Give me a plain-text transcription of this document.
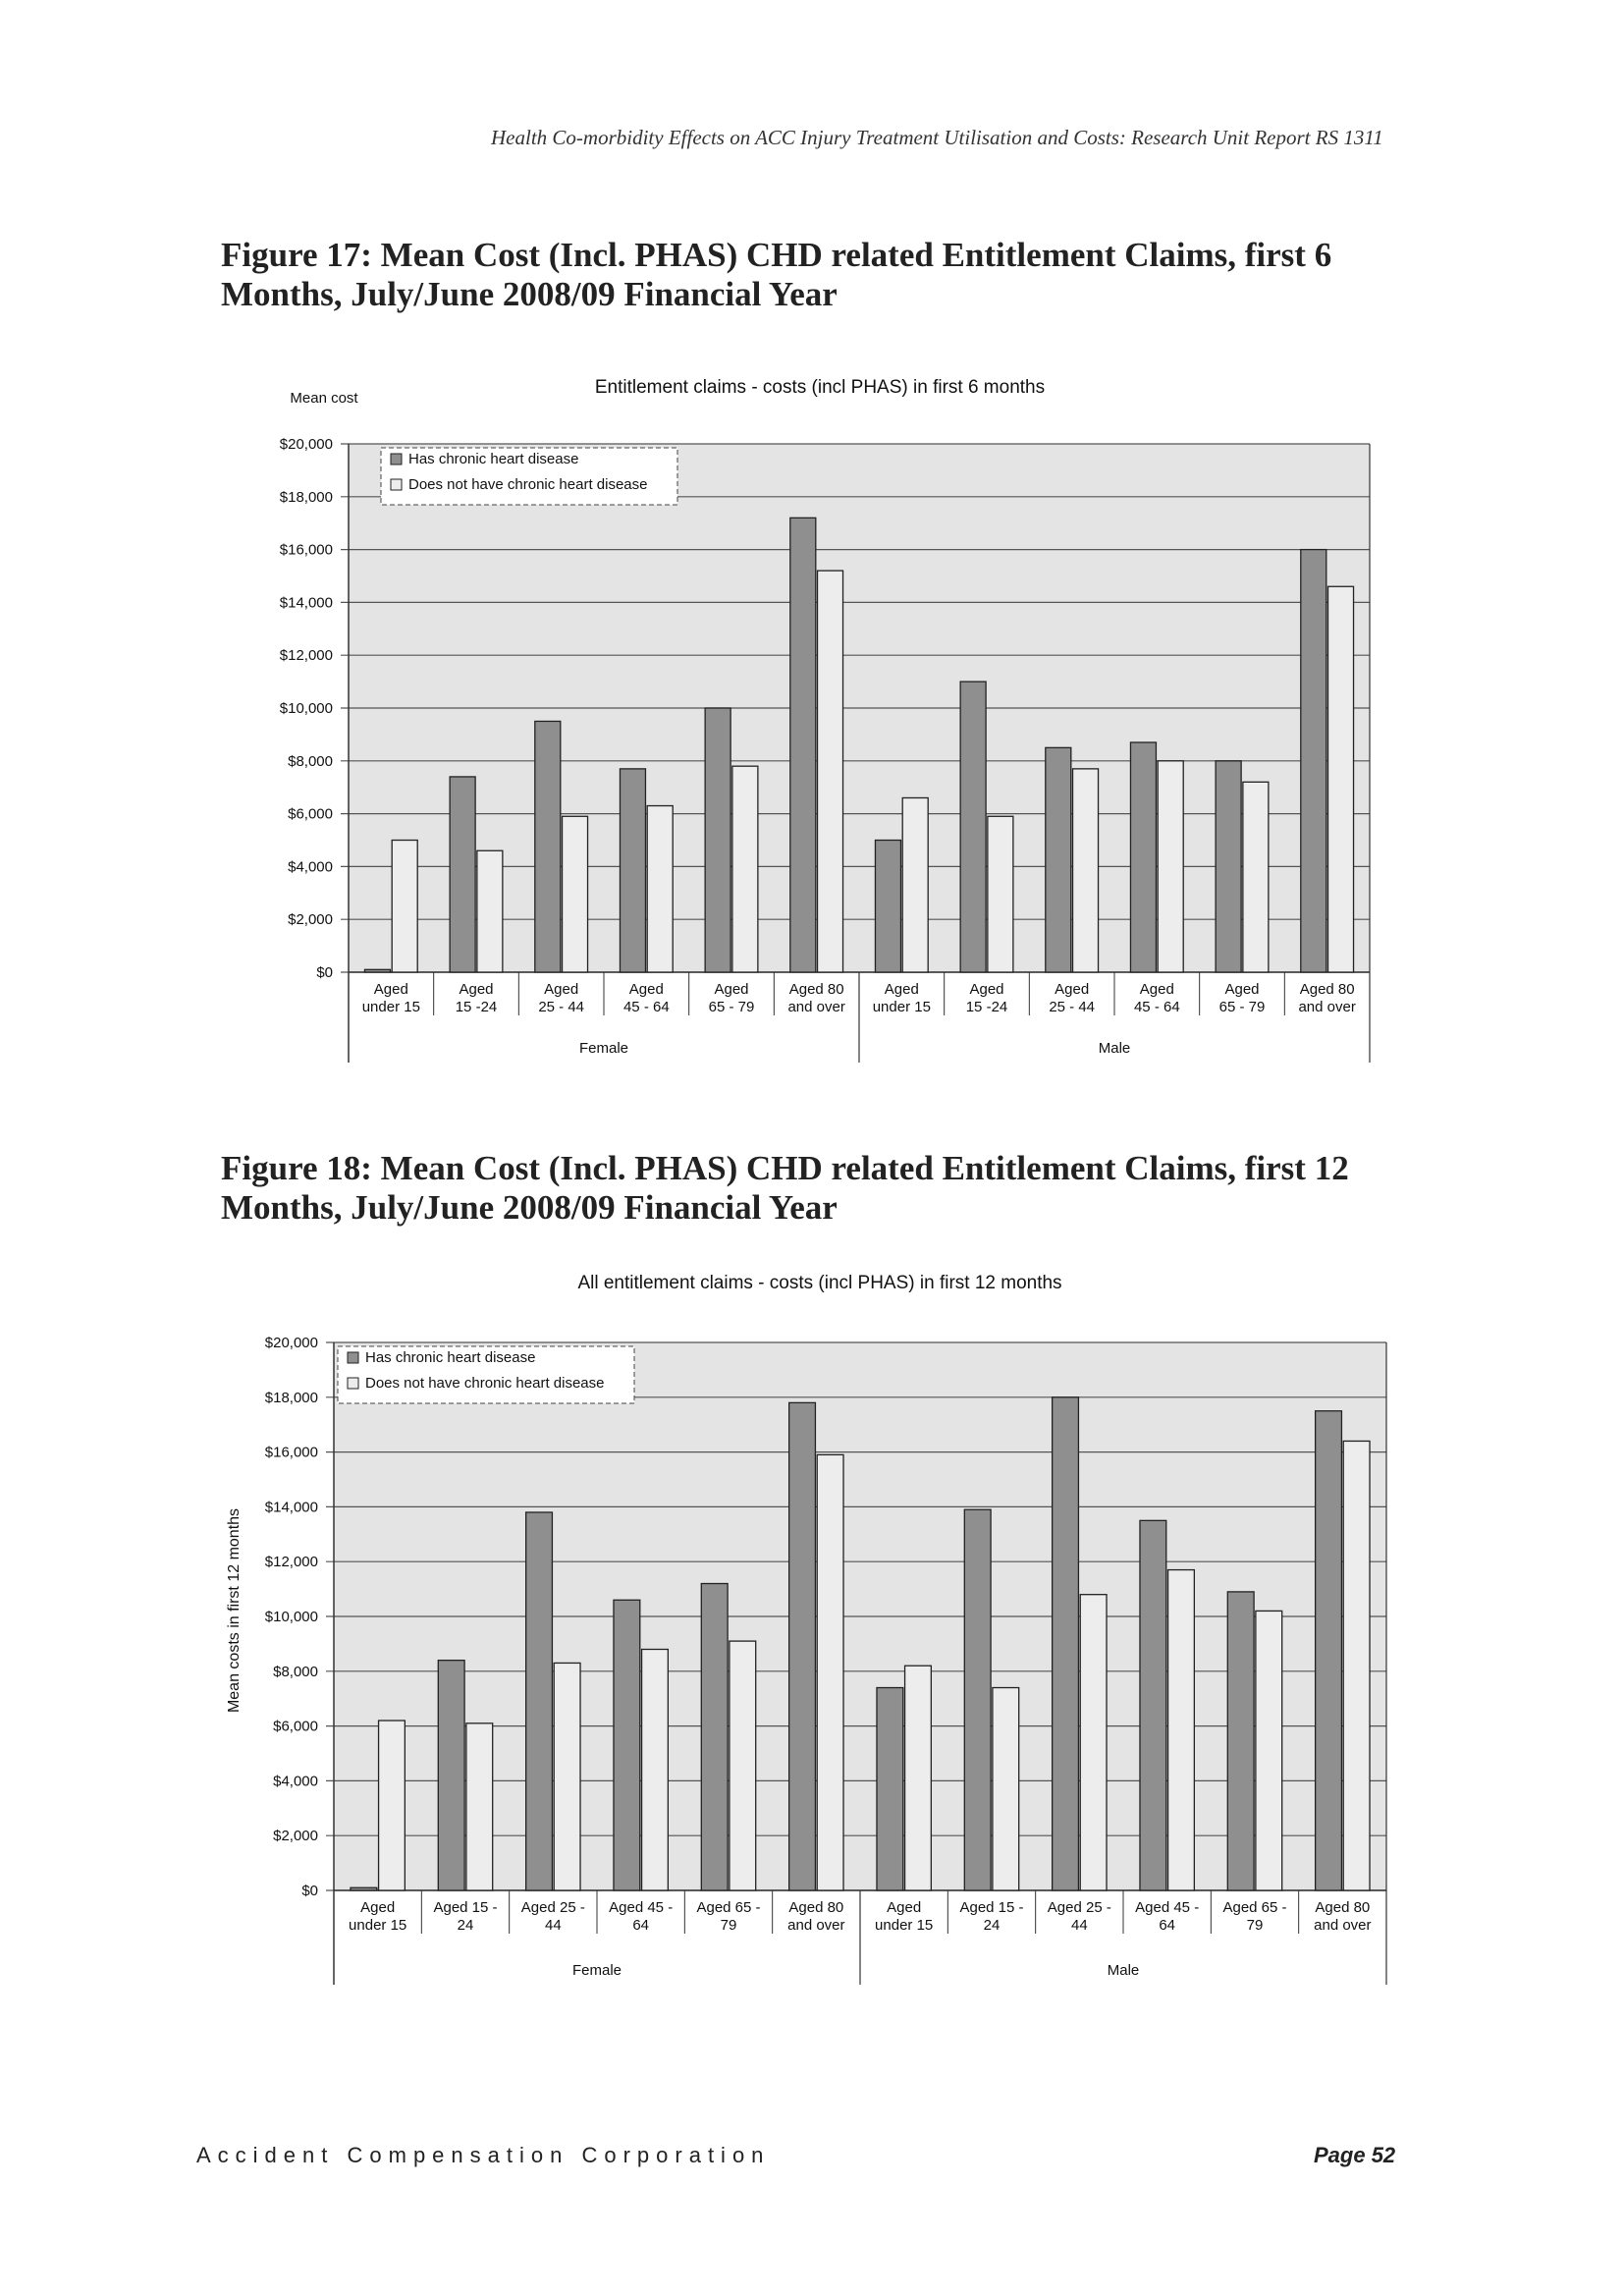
Health Co-morbidity Effects on ACC Injury Treatment Utilisation and Costs: Research Unit Report RS 1311
Figure 17: Mean Cost (Incl. PHAS) CHD related Entitlement Claims, first 6 Months, July/June 2008/09 Financial Year
Entitlement claims - costs (incl PHAS) in first 6 months
Mean cost
$0
$2,000
$4,000
$6,000
$8,000
$10,000
$12,000
$14,000
$16,000
$18,000
$20,000
Aged
under 15
Aged
15 -24
Aged
25 - 44
Aged
45 - 64
Aged
65 - 79
Aged 80
and over
Aged
under 15
Aged
15 -24
Aged
25 - 44
Aged
45 - 64
Aged
65 - 79
Aged 80
and over
Female	Male
Has chronic heart disease
Does not have chronic heart disease
Figure 18: Mean Cost (Incl. PHAS) CHD related Entitlement Claims, first 12 Months, July/June 2008/09 Financial Year
All entitlement claims - costs (incl PHAS) in first 12 months
Mean costs in first 12 months
$0
$2,000
$4,000
$6,000
$8,000
$10,000
$12,000
$14,000
$16,000
$18,000
$20,000
Aged
under 15
Aged 15 -
24
Aged 25 -
44
Aged 45 -
64
Aged 65 -
79
Aged 80
and over
Aged
under 15
Aged 15 -
24
Aged 25 -
44
Aged 45 -
64
Aged 65 -
79
Aged 80
and over
Female	Male
Has chronic heart disease
Does not have chronic heart disease
Accident Compensation Corporation	Page 52
